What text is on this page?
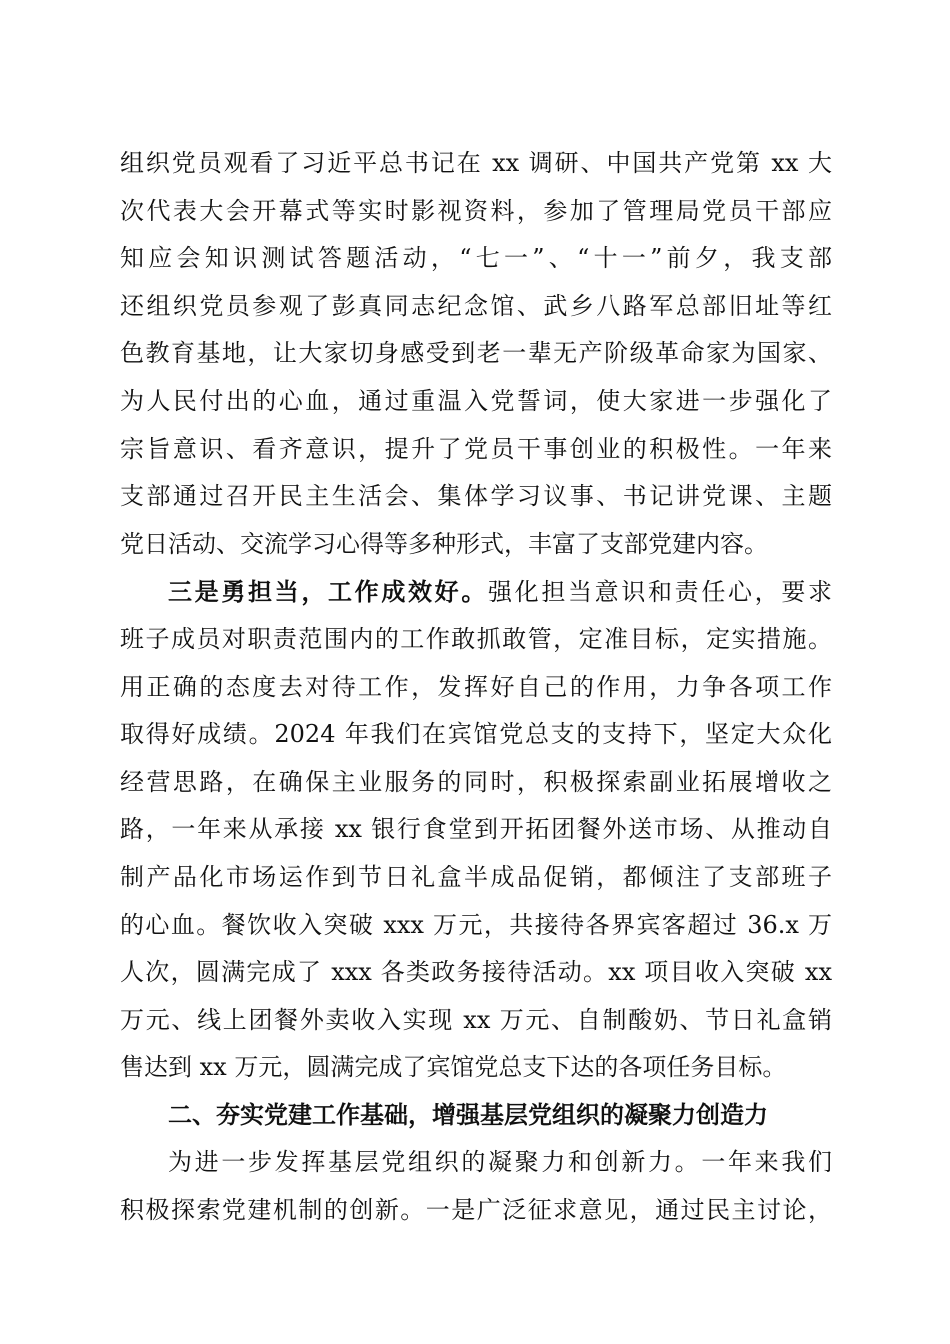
组织党员观看了习近平总书记在 xx 调研、中国共产党第 xx 大
次代表大会开幕式等实时影视资料，参加了管理局党员干部应
知应会知识测试答题活动，“七一”、“十一”前夕，我支部
还组织党员参观了彭真同志纪念馆、武乡八路军总部旧址等红
色教育基地，让大家切身感受到老一辈无产阶级革命家为国家、
为人民付出的心血，通过重温入党誓词，使大家进一步强化了
宗旨意识、看齐意识，提升了党员干事创业的积极性。一年来
支部通过召开民主生活会、集体学习议事、书记讲党课、主题
党日活动、交流学习心得等多种形式，丰富了支部党建内容。
三是勇担当，工作成效好。强化担当意识和责任心，要求
班子成员对职责范围内的工作敢抓敢管，定准目标，定实措施。
用正确的态度去对待工作，发挥好自己的作用，力争各项工作
取得好成绩。2024 年我们在宾馆党总支的支持下，坚定大众化
经营思路，在确保主业服务的同时，积极探索副业拓展增收之
路，一年来从承接 xx 银行食堂到开拓团餐外送市场、从推动自
制产品化市场运作到节日礼盒半成品促销，都倾注了支部班子
的心血。餐饮收入突破 xxx 万元，共接待各界宾客超过 36.x 万
人次，圆满完成了 xxx 各类政务接待活动。xx 项目收入突破 xx
万元、线上团餐外卖收入实现 xx 万元、自制酸奶、节日礼盒销
售达到 xx 万元，圆满完成了宾馆党总支下达的各项任务目标。
二、夯实党建工作基础，增强基层党组织的凝聚力创造力
为进一步发挥基层党组织的凝聚力和创新力。一年来我们
积极探索党建机制的创新。一是广泛征求意见，通过民主讨论，
